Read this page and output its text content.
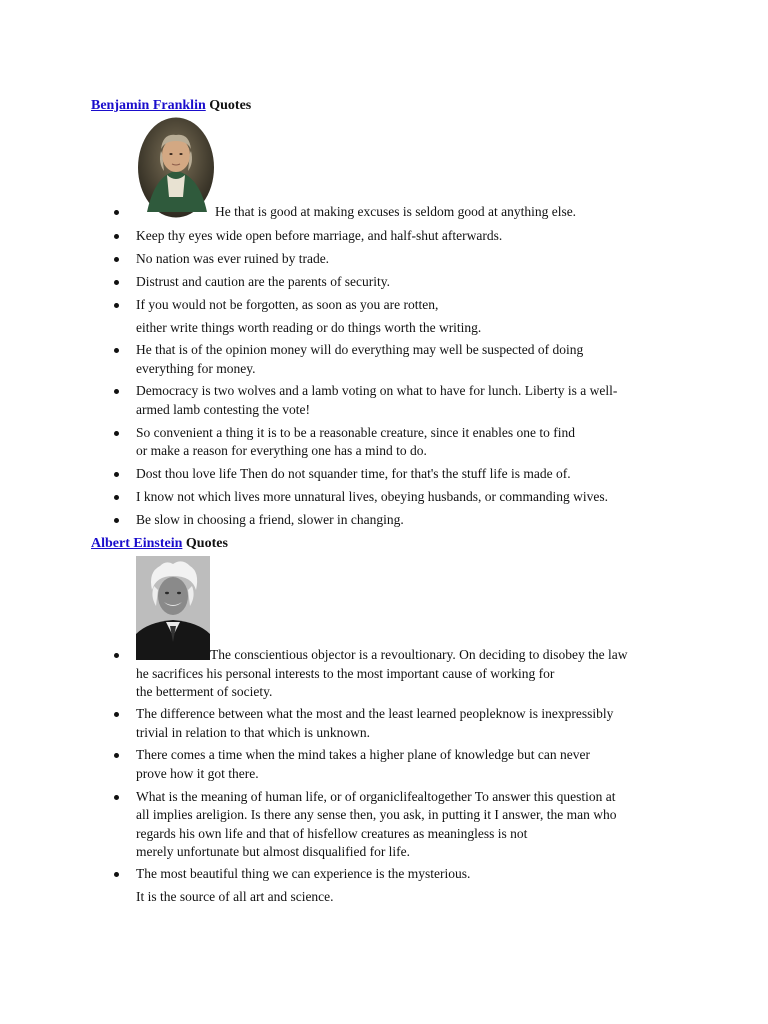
Benjamin Franklin Quotes
He that is good at making excuses is seldom good at anything else.
Keep thy eyes wide open before marriage, and half-shut afterwards.
No nation was ever ruined by trade.
Distrust and caution are the parents of security.
If you would not be forgotten, as soon as you are rotten,
either write things worth reading or do things worth the writing.
He that is of the opinion money will do everything may well be suspected of doing
everything for money.
Democracy is two wolves and a lamb voting on what to have for lunch. Liberty is a well-
armed lamb contesting the vote!
So convenient a thing it is to be a reasonable creature, since it enables one to find
or make a reason for everything one has a mind to do.
Dost thou love life Then do not squander time, for that's the stuff life is made of.
I know not which lives more unnatural lives, obeying husbands, or commanding wives.
Be slow in choosing a friend, slower in changing.
Albert Einstein Quotes
The conscientious objector is a revoultionary. On deciding to disobey the law
he sacrifices his personal interests to the most important cause of working for
the betterment of society.
The difference between what the most and the least learned peopleknow is inexpressibly
trivial in relation to that which is unknown.
There comes a time when the mind takes a higher plane of knowledge but can never
prove how it got there.
What is the meaning of human life, or of organiclifealtogether To answer this question at
all implies areligion. Is there any sense then, you ask, in putting it I answer, the man who
regards his own life and that of hisfellow creatures as meaningless is not
merely unfortunate but almost disqualified for life.
The most beautiful thing we can experience is the mysterious.
It is the source of all art and science.
